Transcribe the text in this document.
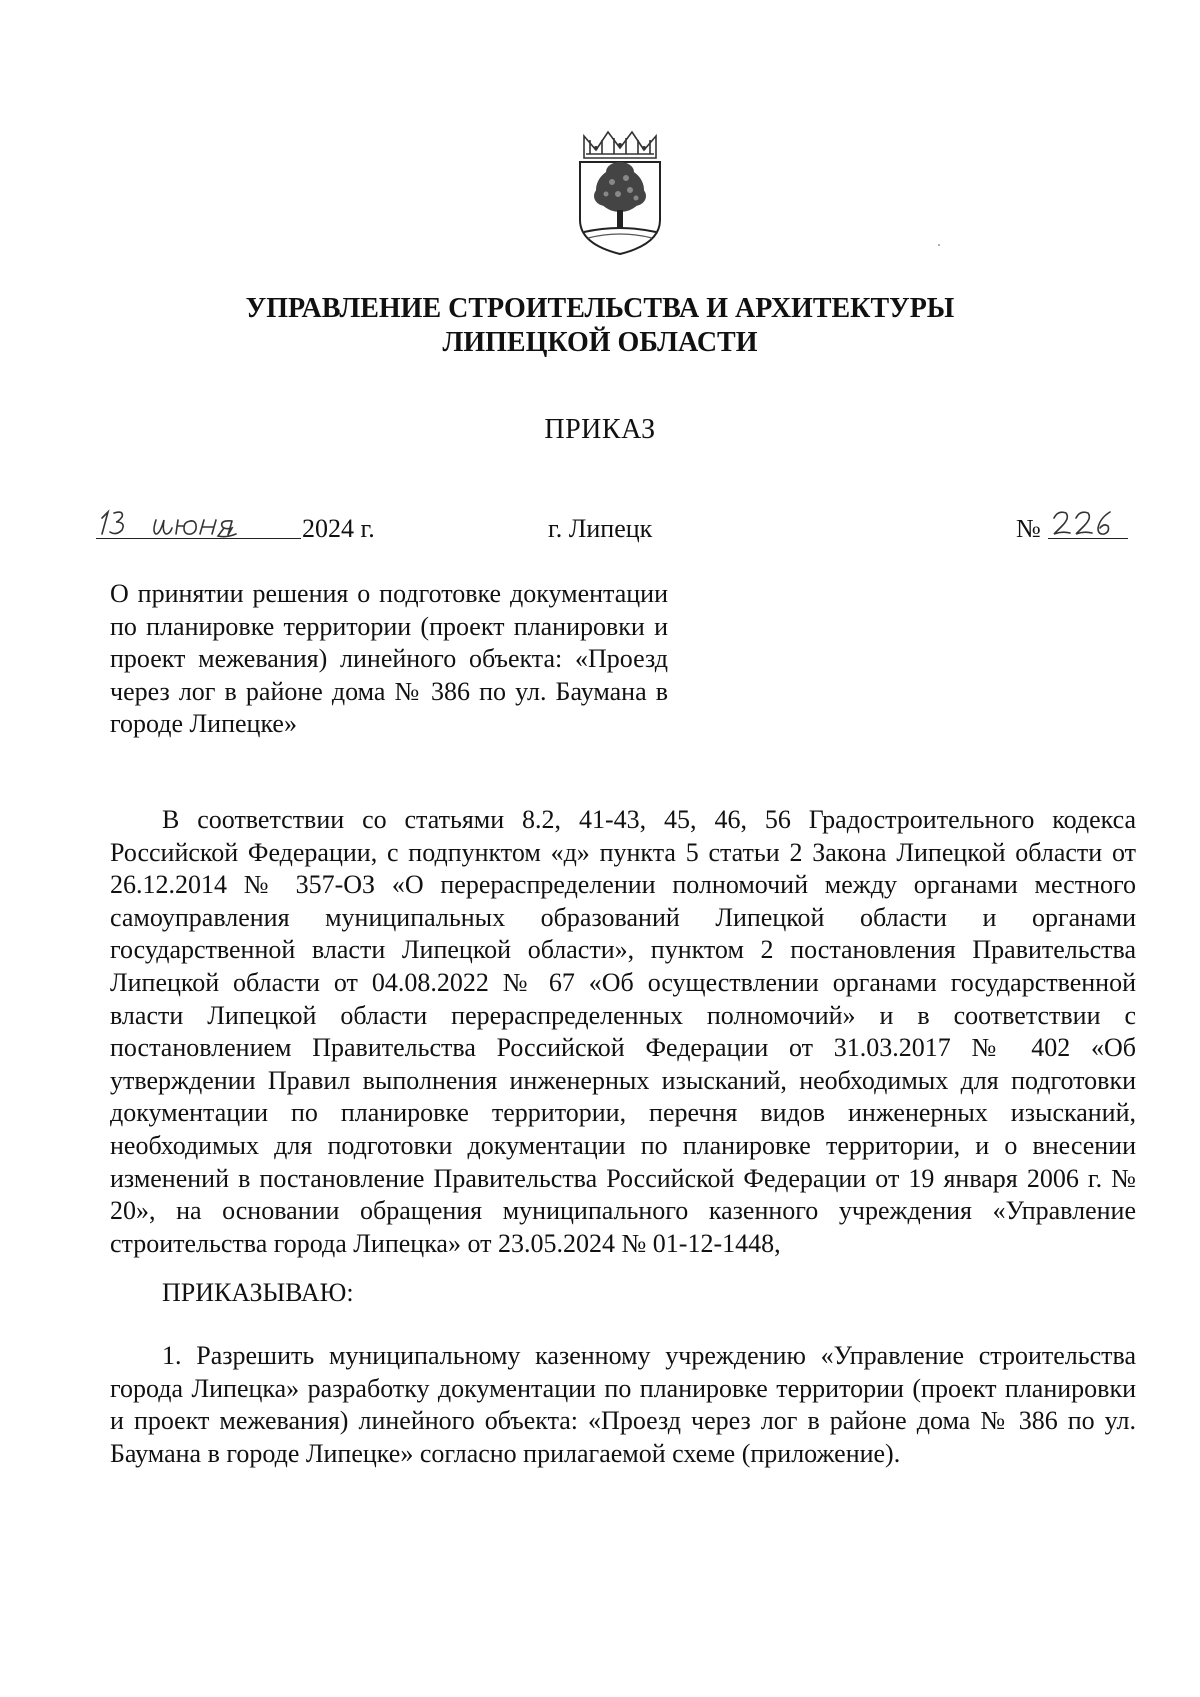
УПРАВЛЕНИЕ СТРОИТЕЛЬСТВА И АРХИТЕКТУРЫ
ЛИПЕЦКОЙ ОБЛАСТИ
ПРИКАЗ
2024 г.	г. Липецк	№
О принятии решения о подготовке документации по планировке территории (проект планировки и проект межевания) линейного объекта: «Проезд через лог в районе дома № 386 по ул. Баумана в городе Липецке»
В соответствии со статьями 8.2, 41-43, 45, 46, 56 Градостроительного кодекса Российской Федерации, с подпунктом «д» пункта 5 статьи 2 Закона Липецкой области от 26.12.2014 № 357-ОЗ «О перераспределении полномочий между органами местного самоуправления муниципальных образований Липецкой области и органами государственной власти Липецкой области», пунктом 2 постановления Правительства Липецкой области от 04.08.2022 № 67 «Об осуществлении органами государственной власти Липецкой области перераспределенных полномочий» и в соответствии с постановлением Правительства Российской Федерации от 31.03.2017 № 402 «Об утверждении Правил выполнения инженерных изысканий, необходимых для подготовки документации по планировке территории, перечня видов инженерных изысканий, необходимых для подготовки документации по планировке территории, и о внесении изменений в постановление Правительства Российской Федерации от 19 января 2006 г. № 20», на основании обращения муниципального казенного учреждения «Управление строительства города Липецка» от 23.05.2024 № 01-12-1448,
ПРИКАЗЫВАЮ:
1. Разрешить муниципальному казенному учреждению «Управление строительства города Липецка» разработку документации по планировке территории (проект планировки и проект межевания) линейного объекта: «Проезд через лог в районе дома № 386 по ул. Баумана в городе Липецке» согласно прилагаемой схеме (приложение).
